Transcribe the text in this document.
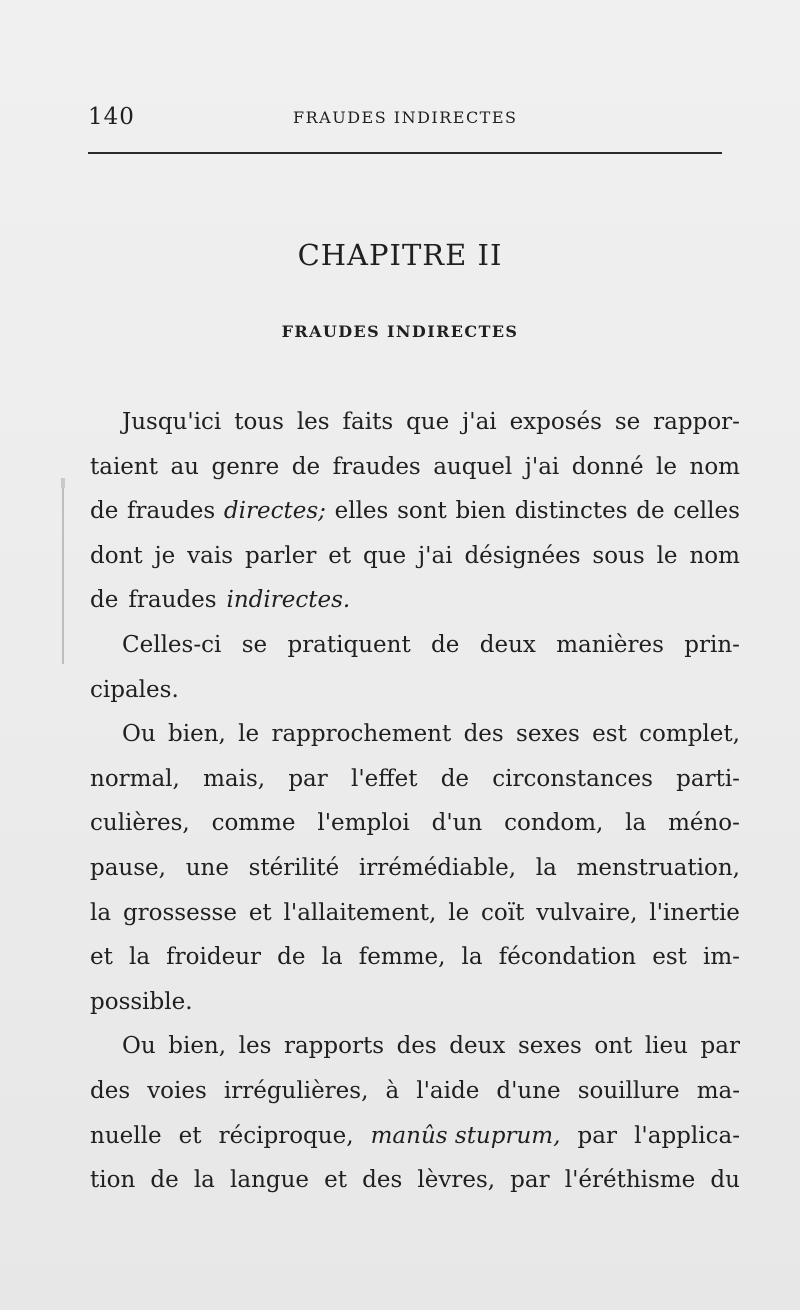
140	FRAUDES INDIRECTES
CHAPITRE II
FRAUDES INDIRECTES
Jusqu'ici tous les faits que j'ai exposés se rappor-
taient au genre de fraudes auquel j'ai donné le nom
de fraudes directes; elles sont bien distinctes de celles
dont je vais parler et que j'ai désignées sous le nom
de fraudes indirectes.
Celles-ci se pratiquent de deux manières prin-
cipales.
Ou bien, le rapprochement des sexes est complet,
normal, mais, par l'effet de circonstances parti-
culières, comme l'emploi d'un condom, la méno-
pause, une stérilité irrémédiable, la menstruation,
la grossesse et l'allaitement, le coït vulvaire, l'inertie
et la froideur de la femme, la fécondation est im-
possible.
Ou bien, les rapports des deux sexes ont lieu par
des voies irrégulières, à l'aide d'une souillure ma-
nuelle et réciproque, manûs stuprum, par l'applica-
tion de la langue et des lèvres, par l'éréthisme du
